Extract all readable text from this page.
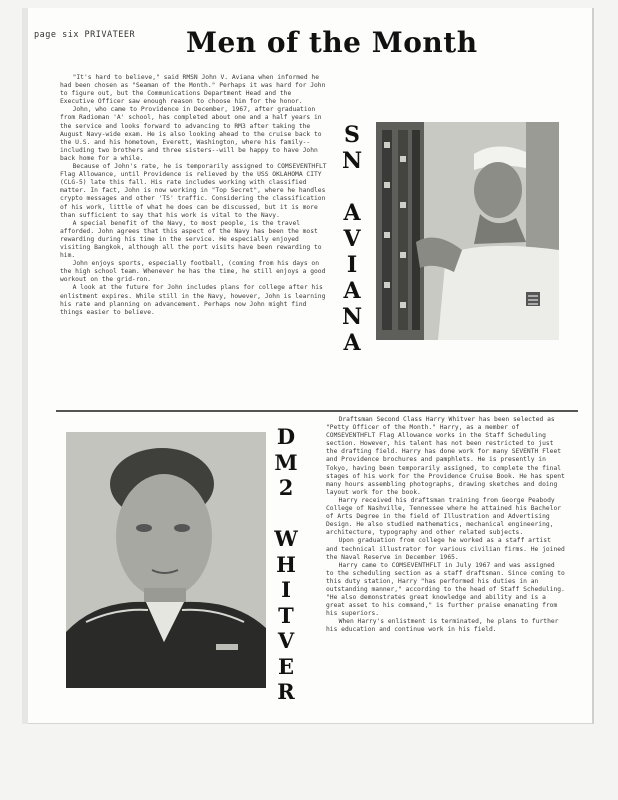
page six PRIVATEER Men of the Month

"It's hard to believe," said RMSN John V. Aviana when informed he had been chosen as "Seaman of the Month." Perhaps it was hard for John to figure out, but the Communications Department Head and the Executive Officer saw enough reason to choose him for the honor.

John, who came to Providence in December, 1967, after graduation from Radioman 'A' school, has completed about one and a half years in the service and looks forward to advancing to RM3 after taking the August Navy-wide exam. He is also looking ahead to the cruise back to the U.S. and his hometown, Everett, Washington, where his family--including two brothers and three sisters--will be happy to have John back home for a while.

Because of John's rate, he is temporarily assigned to COMSEVENTHFLT Flag Allowance, until Providence is relieved by the USS OKLAHOMA CITY (CLG-5) late this fall. His rate includes working with classified matter. In fact, John is now working in "Top Secret", where he handles crypto messages and other 'TS' traffic. Considering the classification of his work, little of what he does can be discussed, but it is more than sufficient to say that his work is vital to the Navy.

A special benefit of the Navy, to most people, is the travel afforded. John agrees that this aspect of the Navy has been the most rewarding during his time in the service. He especially enjoyed visiting Bangkok, although all the port visits have been rewarding to him.

John enjoys sports, especially football, (coming from his days on the high school team. Whenever he has the time, he still enjoys a good workout on the grid-ron.

A look at the future for John includes plans for college after his enlistment expires. While still in the Navy, however, John is learning his rate and planning on advancement. Perhaps now John might find things easier to believe.

S
N

A
V
I
A
N
A
D
M
2

W
H
I
T
V
E
R

Draftsman Second Class Harry Whitver has been selected as "Petty Officer of the Month." Harry, as a member of COMSEVENTHFLT Flag Allowance works in the Staff Scheduling section. However, his talent has not been restricted to just the drafting field. Harry has done work for many SEVENTH Fleet and Providence brochures and pamphlets. He is presently in Tokyo, having been temporarily assigned, to complete the final stages of his work for the Providence Cruise Book. He has spent many hours assembling photographs, drawing sketches and doing layout work for the book.

Harry received his draftsman training from George Peabody College of Nashville, Tennessee where he attained his Bachelor of Arts Degree in the field of Illustration and Advertising Design. He also studied mathematics, mechanical engineering, architecture, typography and other related subjects.

Upon graduation from college he worked as a staff artist and technical illustrator for various civilian firms. He joined the Naval Reserve in December 1965.

Harry came to COMSEVENTHFLT in July 1967 and was assigned to the scheduling section as a staff draftsman. Since coming to this duty station, Harry "has performed his duties in an outstanding manner," according to the head of Staff Scheduling. "He also demonstrates great knowledge and ability and is a great asset to his command," is further praise emanating from his superiors.

When Harry's enlistment is terminated, he plans to further his education and continue work in his field.
